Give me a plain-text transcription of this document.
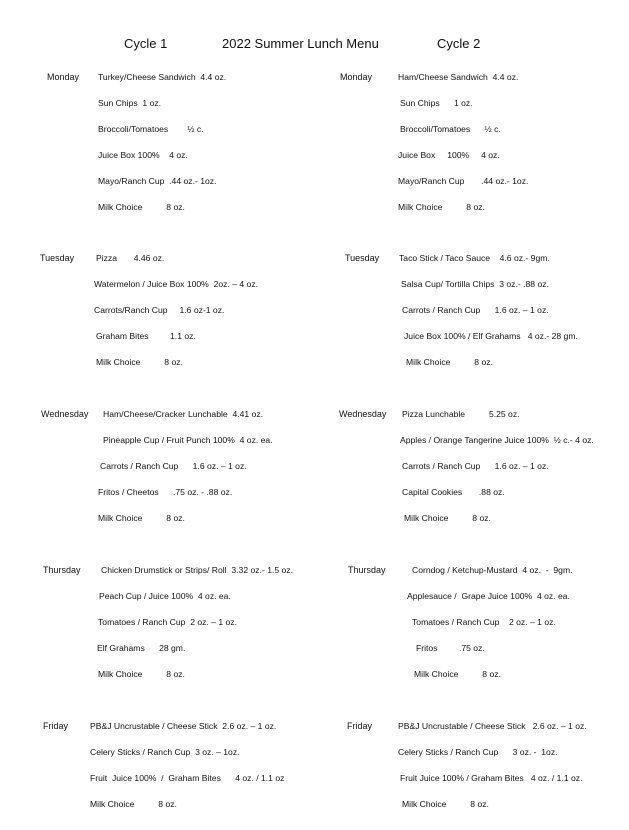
Cycle 1	2022 Summer Lunch Menu	Cycle 2
Monday Turkey/Cheese Sandwich  4.4 oz.
Sun Chips  1 oz.
Broccoli/Tomatoes        ½ c.
Juice Box 100%    4 oz.
Mayo/Ranch Cup  .44 oz.- 1oz.
Milk Choice          8 oz.
Tuesday	Pizza       4.46 oz.
Watermelon / Juice Box 100%  2oz. – 4 oz.
Carrots/Ranch Cup     1.6 oz-1 oz.
Graham Bites         1.1 oz.
Milk Choice          8 oz.
Wednesday Ham/Cheese/Cracker Lunchable  4.41 oz.
Pineapple Cup / Fruit Punch 100%  4 oz. ea.
Carrots / Ranch Cup      1.6 oz. – 1 oz.
Fritos / Cheetos      .75 oz. - .88 oz.
Milk Choice          8 oz.
Thursday Chicken Drumstick or Strips/ Roll  3.32 oz.- 1.5 oz.
Peach Cup / Juice 100%  4 oz. ea.
Tomatoes / Ranch Cup  2 oz. – 1 oz.
Elf Grahams      28 gm.
Milk Choice          8 oz.
Friday	PB&J Uncrustable / Cheese Stick  2.6 oz. – 1 oz.
Celery Sticks / Ranch Cup  3 oz. – 1oz.
Fruit  Juice 100%  /  Graham Bites      4 oz. / 1.1 oz
Milk Choice          8 oz.
Monday	Ham/Cheese Sandwich  4.4 oz.
Sun Chips      1 oz.
Broccoli/Tomatoes      ½ c.
Juice Box     100%     4 oz.
Mayo/Ranch Cup       .44 oz.- 1oz.
Milk Choice          8 oz.
Tuesday Taco Stick / Taco Sauce    4.6 oz.- 9gm.
Salsa Cup/ Tortilla Chips  3 oz.- .88 oz.
Carrots / Ranch Cup      1.6 oz. – 1 oz.
Juice Box 100% / Elf Grahams   4 oz.- 28 gm.
Milk Choice          8 oz.
Wednesday Pizza Lunchable          5.25 oz.
Apples / Orange Tangerine Juice 100%  ½ c.- 4 oz.
Carrots / Ranch Cup      1.6 oz. – 1 oz.
Capital Cookies       .88 oz.
Milk Choice          8 oz.
Thursday	Corndog / Ketchup-Mustard  4 oz.  -  9gm.
Applesauce /  Grape Juice 100%  4 oz. ea.
Tomatoes / Ranch Cup    2 oz. – 1 oz.
Fritos         .75 oz.
Milk Choice          8 oz.
Friday	PB&J Uncrustable / Cheese Stick   2.6 oz. – 1 oz.
Celery Sticks / Ranch Cup      3 oz. -  1oz.
Fruit Juice 100% / Graham Bites   4 oz. / 1.1 oz.
Milk Choice          8 oz.
